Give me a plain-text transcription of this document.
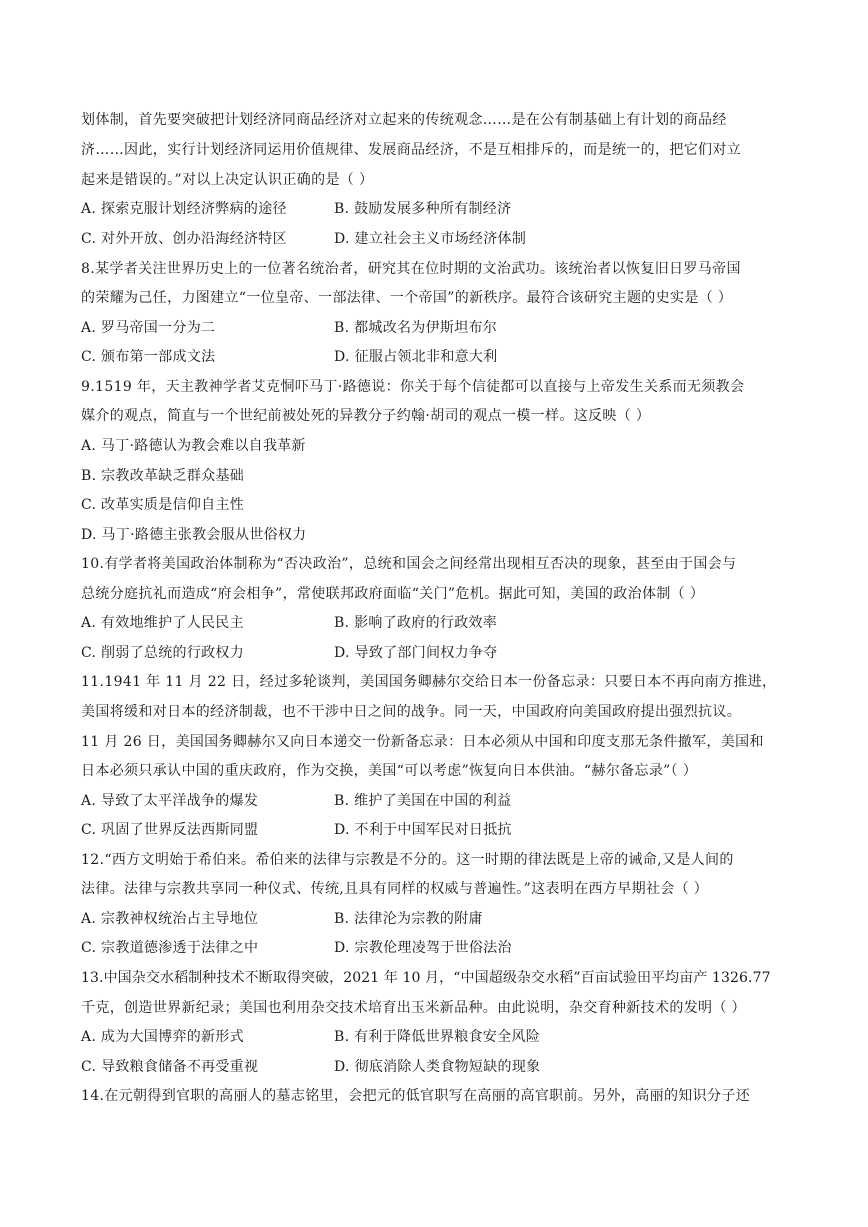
划体制，首先要突破把计划经济同商品经济对立起来的传统观念……是在公有制基础上有计划的商品经
济……因此，实行计划经济同运用价值规律、发展商品经济，不是互相排斥的，而是统一的，把它们对立
起来是错误的。”对以上决定认识正确的是（ ）
A. 探索克服计划经济弊病的途径	B. 鼓励发展多种所有制经济
C. 对外开放、创办沿海经济特区	D. 建立社会主义市场经济体制
8.某学者关注世界历史上的一位著名统治者，研究其在位时期的文治武功。该统治者以恢复旧日罗马帝国
的荣耀为己任，力图建立“一位皇帝、一部法律、一个帝国”的新秩序。最符合该研究主题的史实是（ ）
A. 罗马帝国一分为二	B. 都城改名为伊斯坦布尔
C. 颁布第一部成文法	D. 征服占领北非和意大利
9.1519 年，天主教神学者艾克恫吓马丁·路德说：你关于每个信徒都可以直接与上帝发生关系而无须教会
媒介的观点，简直与一个世纪前被处死的异教分子约翰·胡司的观点一模一样。这反映（ ）
A. 马丁·路德认为教会难以自我革新
B. 宗教改革缺乏群众基础
C. 改革实质是信仰自主性
D. 马丁·路德主张教会服从世俗权力
10.有学者将美国政治体制称为“否决政治”，总统和国会之间经常出现相互否决的现象，甚至由于国会与
总统分庭抗礼而造成“府会相争”，常使联邦政府面临“关门”危机。据此可知，美国的政治体制（ ）
A. 有效地维护了人民民主	B. 影响了政府的行政效率
C. 削弱了总统的行政权力	D. 导致了部门间权力争夺
11.1941 年 11 月 22 日，经过多轮谈判，美国国务卿赫尔交给日本一份备忘录：只要日本不再向南方推进，
美国将缓和对日本的经济制裁，也不干涉中日之间的战争。同一天，中国政府向美国政府提出强烈抗议。
11 月 26 日，美国国务卿赫尔又向日本递交一份新备忘录：日本必须从中国和印度支那无条件撤军，美国和
日本必须只承认中国的重庆政府，作为交换，美国“可以考虑”恢复向日本供油。“赫尔备忘录”（ ）
A. 导致了太平洋战争的爆发	B. 维护了美国在中国的利益
C. 巩固了世界反法西斯同盟	D. 不利于中国军民对日抵抗
12.“西方文明始于希伯来。希伯来的法律与宗教是不分的。这一时期的律法既是上帝的诫命,又是人间的
法律。法律与宗教共享同一种仪式、传统,且具有同样的权威与普遍性。”这表明在西方早期社会（ ）
A. 宗教神权统治占主导地位	B. 法律沦为宗教的附庸
C. 宗教道德渗透于法律之中	D. 宗教伦理凌驾于世俗法治
13.中国杂交水稻制种技术不断取得突破，2021 年 10 月，“中国超级杂交水稻”百亩试验田平均亩产 1326.77
千克，创造世界新纪录；美国也利用杂交技术培育出玉米新品种。由此说明，杂交育种新技术的发明（ ）
A. 成为大国博弈的新形式	B. 有利于降低世界粮食安全风险
C. 导致粮食储备不再受重视	D. 彻底消除人类食物短缺的现象
14.在元朝得到官职的高丽人的墓志铭里，会把元的低官职写在高丽的高官职前。另外，高丽的知识分子还
